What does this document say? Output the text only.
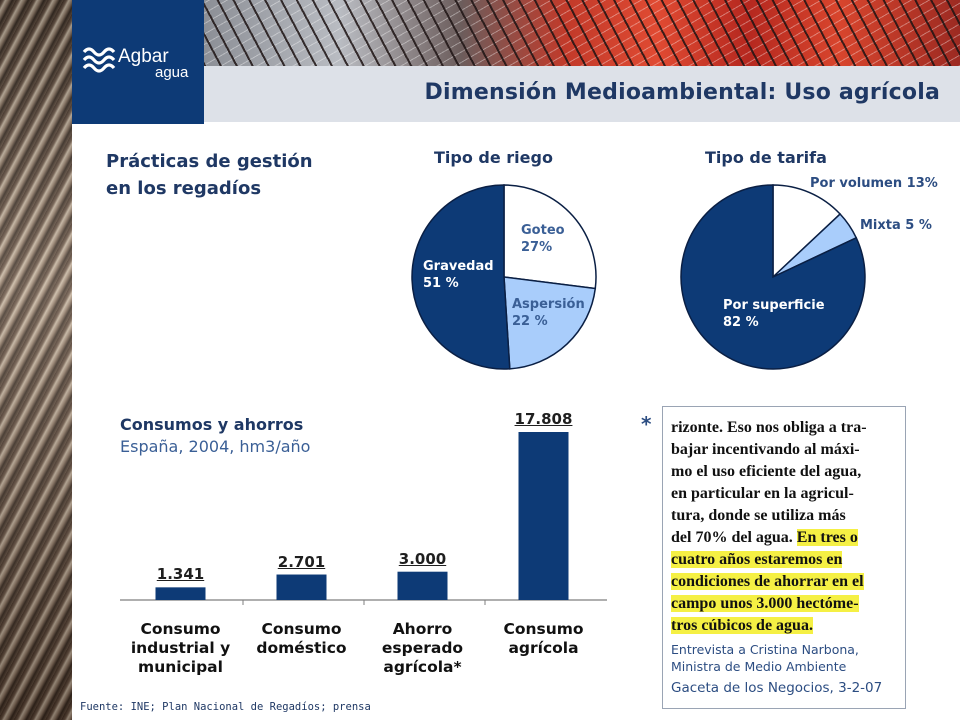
Agbar
agua
Dimensión Medioambiental: Uso agrícola
Prácticas de gestión
en los regadíos
Tipo de riego
Goteo
27%
Aspersión
22 %
Gravedad
51 %
Tipo de tarifa
Por volumen 13%
Mixta 5 %
Por superficie
82 %
Consumos y ahorros
España, 2004, hm3/año
1.341
Consumo
industrial y
municipal
2.701
Consumo
doméstico
3.000
Ahorro
esperado
agrícola*
17.808
Consumo
agrícola
Fuente: INE; Plan Nacional de Regadíos; prensa
* rizonte. Eso nos obliga a tra-
bajar incentivando al máxi-
mo el uso eficiente del agua,
en particular en la agricul-
tura, donde se utiliza más
del 70% del agua. En tres o
cuatro años estaremos en
condiciones de ahorrar en el
campo unos 3.000 hectóme-
tros cúbicos de agua.
Entrevista a Cristina Narbona,
Ministra de Medio Ambiente
Gaceta de los Negocios, 3-2-07
